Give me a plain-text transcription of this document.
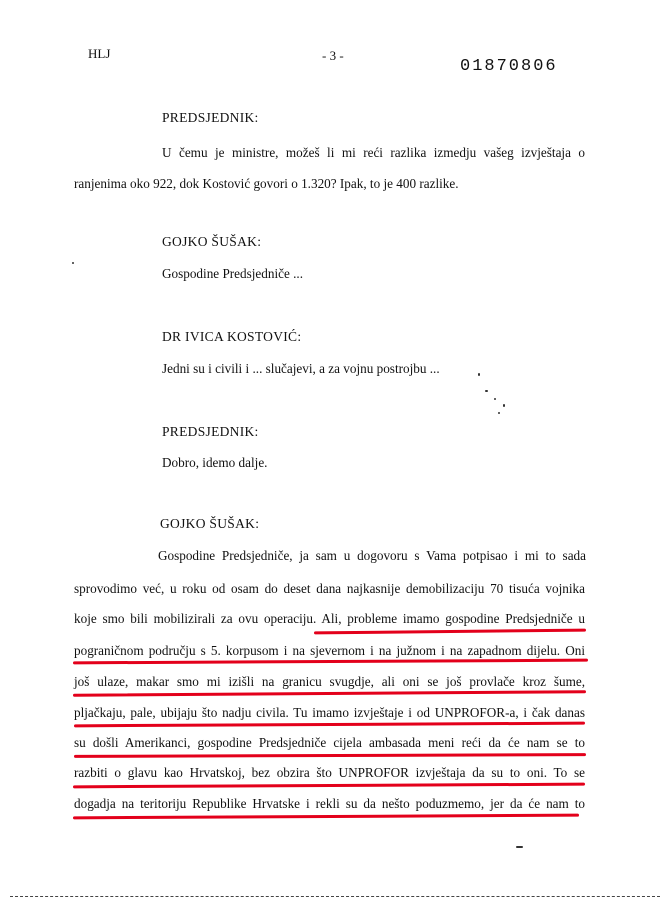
HLJ	- 3 -
01870806
PREDSJEDNIK:
U čemu je ministre, možeš li mi reći razlika izmedju vašeg izvještaja o
ranjenima oko 922, dok Kostović govori o 1.320? Ipak, to je 400 razlike.
GOJKO ŠUŠAK:
Gospodine Predsjedniče ...
DR IVICA KOSTOVIĆ:
Jedni su i civili i ... slučajevi, a za vojnu postrojbu ...
PREDSJEDNIK:
Dobro, idemo dalje.
GOJKO ŠUŠAK:
Gospodine Predsjedniče, ja sam u dogovoru s Vama potpisao i mi to sada
sprovodimo već, u roku od osam do deset dana najkasnije demobilizaciju 70 tisuća vojnika
koje smo bili mobilizirali za ovu operaciju. Ali, probleme imamo gospodine Predsjedniče u
pograničnom području s 5. korpusom i na sjevernom i na južnom i na zapadnom dijelu. Oni
još ulaze, makar smo mi izišli na granicu svugdje, ali oni se još provlače kroz šume,
pljačkaju, pale, ubijaju što nadju civila. Tu imamo izvještaje i od UNPROFOR-a, i čak danas
su došli Amerikanci, gospodine Predsjedniče cijela ambasada meni reći da će nam se to
razbiti o glavu kao Hrvatskoj, bez obzira što UNPROFOR izvještaja da su to oni. To se
dogadja na teritoriju Republike Hrvatske i rekli su da nešto poduzmemo, jer da će nam to
